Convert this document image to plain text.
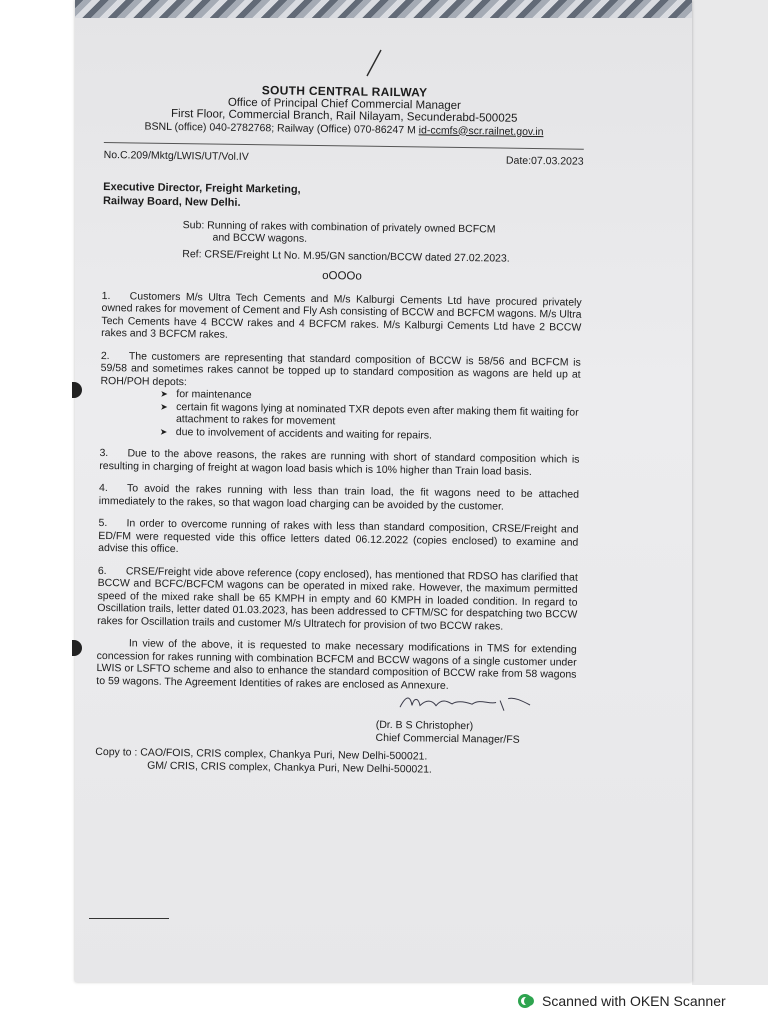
SOUTH CENTRAL RAILWAY
Office of Principal Chief Commercial Manager
First Floor, Commercial Branch, Rail Nilayam, Secunderabd-500025
BSNL (office) 040-2782768; Railway (Office) 070-86247 M id-ccmfs@scr.railnet.gov.in
No.C.209/Mktg/LWIS/UT/Vol.IV	Date:07.03.2023
Executive Director, Freight Marketing,
Railway Board, New Delhi.
Sub: Running of rakes with combination of privately owned BCFCM
and BCCW wagons.
Ref: CRSE/Freight Lt No. M.95/GN sanction/BCCW dated 27.02.2023.
oOOOo
1. Customers M/s Ultra Tech Cements and M/s Kalburgi Cements Ltd have procured privately owned rakes for movement of Cement and Fly Ash consisting of BCCW and BCFCM wagons. M/s Ultra Tech Cements have 4 BCCW rakes and 4 BCFCM rakes. M/s Kalburgi Cements Ltd have 2 BCCW rakes and 3 BCFCM rakes.
2. The customers are representing that standard composition of BCCW is 58/56 and BCFCM is 59/58 and sometimes rakes cannot be topped up to standard composition as wagons are held up at ROH/POH depots:
➤ for maintenance
➤ certain fit wagons lying at nominated TXR depots even after making them fit waiting for attachment to rakes for movement
➤ due to involvement of accidents and waiting for repairs.
3. Due to the above reasons, the rakes are running with short of standard composition which is resulting in charging of freight at wagon load basis which is 10% higher than Train load basis.
4. To avoid the rakes running with less than train load, the fit wagons need to be attached immediately to the rakes, so that wagon load charging can be avoided by the customer.
5. In order to overcome running of rakes with less than standard composition, CRSE/Freight and ED/FM were requested vide this office letters dated 06.12.2022 (copies enclosed) to examine and advise this office.
6. CRSE/Freight vide above reference (copy enclosed), has mentioned that RDSO has clarified that BCCW and BCFC/BCFCM wagons can be operated in mixed rake. However, the maximum permitted speed of the mixed rake shall be 65 KMPH in empty and 60 KMPH in loaded condition. In regard to Oscillation trails, letter dated 01.03.2023, has been addressed to CFTM/SC for despatching two BCCW rakes for Oscillation trails and customer M/s Ultratech for provision of two BCCW rakes.
In view of the above, it is requested to make necessary modifications in TMS for extending concession for rakes running with combination BCFCM and BCCW wagons of a single customer under LWIS or LSFTO scheme and also to enhance the standard composition of BCCW rake from 58 wagons to 59 wagons. The Agreement Identities of rakes are enclosed as Annexure.
(Dr. B S Christopher)
Chief Commercial Manager/FS
Copy to : CAO/FOIS, CRIS complex, Chankya Puri, New Delhi-500021.
GM/ CRIS, CRIS complex, Chankya Puri, New Delhi-500021.
Scanned with OKEN Scanner
